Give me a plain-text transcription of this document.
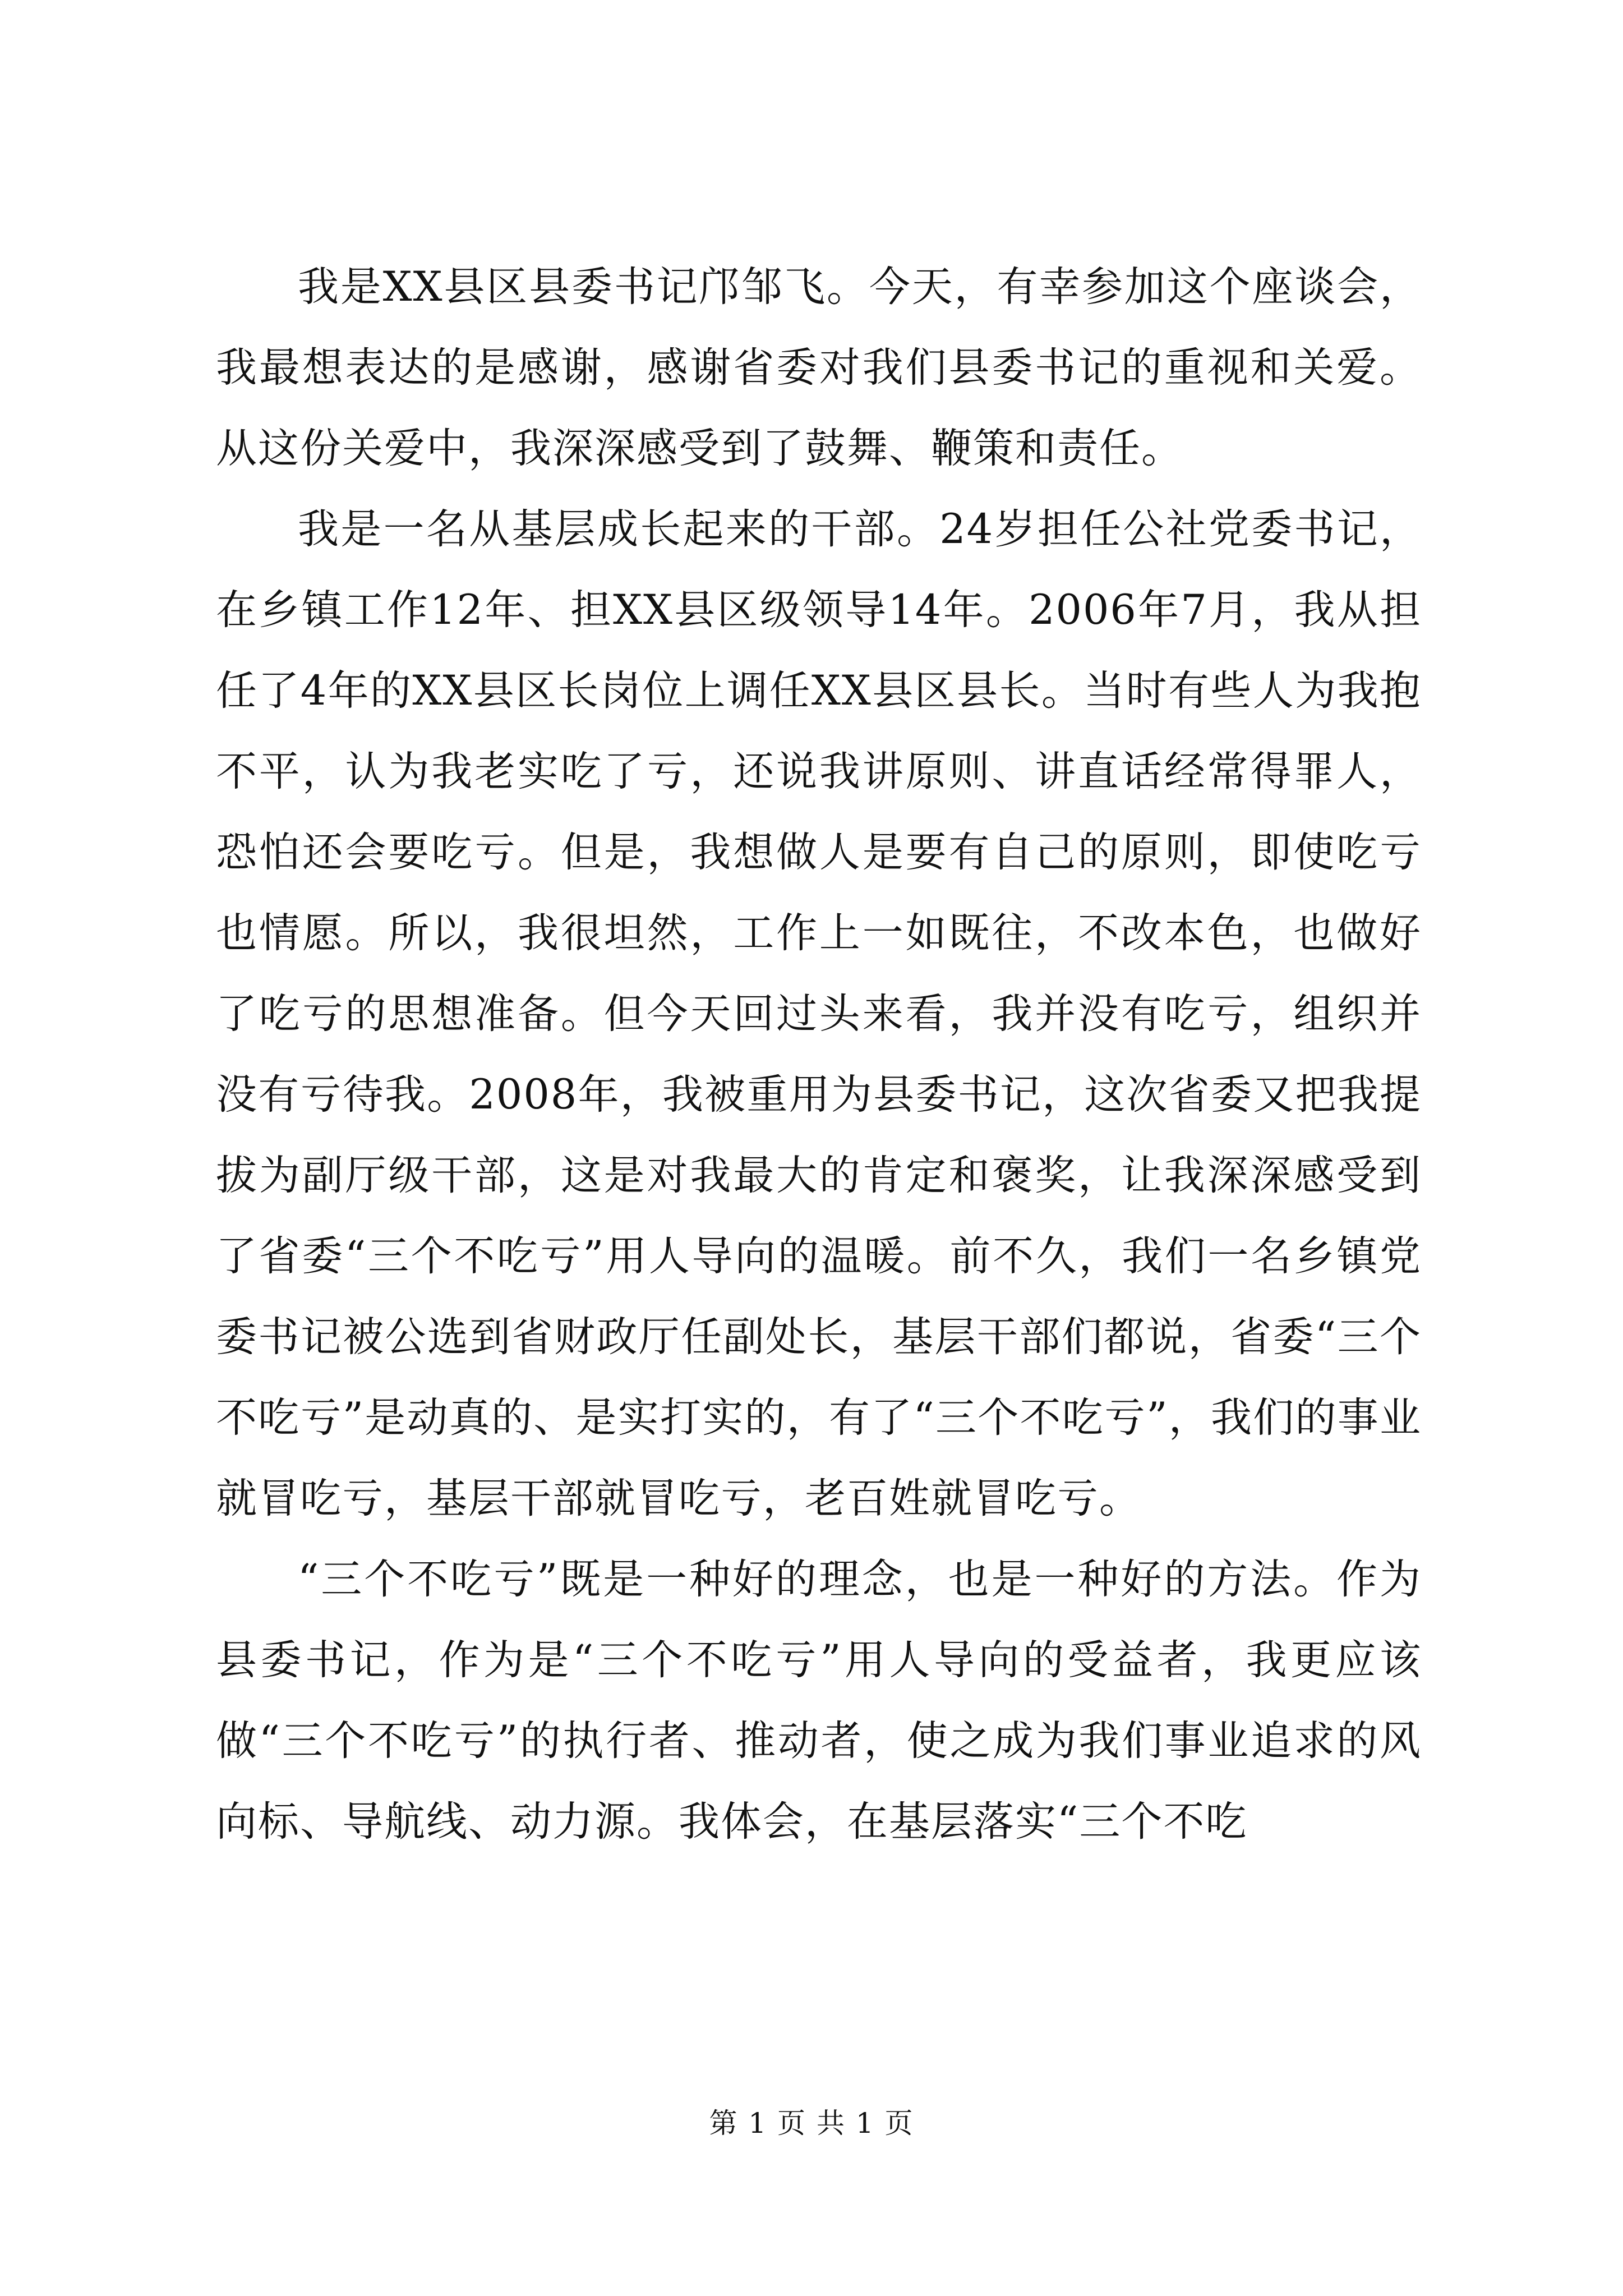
我是XX县区县委书记邝邹飞。今天，有幸参加这个座谈会，我最想表达的是感谢，感谢省委对我们县委书记的重视和关爱。从这份关爱中，我深深感受到了鼓舞、鞭策和责任。

我是一名从基层成长起来的干部。24岁担任公社党委书记，在乡镇工作12年、担XX县区级领导14年。2006年7月，我从担任了4年的XX县区长岗位上调任XX县区县长。当时有些人为我抱不平，认为我老实吃了亏，还说我讲原则、讲直话经常得罪人，恐怕还会要吃亏。但是，我想做人是要有自己的原则，即使吃亏也情愿。所以，我很坦然，工作上一如既往，不改本色，也做好了吃亏的思想准备。但今天回过头来看，我并没有吃亏，组织并没有亏待我。2008年，我被重用为县委书记，这次省委又把我提拔为副厅级干部，这是对我最大的肯定和褒奖，让我深深感受到了省委“三个不吃亏”用人导向的温暖。前不久，我们一名乡镇党委书记被公选到省财政厅任副处长，基层干部们都说，省委“三个不吃亏”是动真的、是实打实的，有了“三个不吃亏”，我们的事业就冒吃亏，基层干部就冒吃亏，老百姓就冒吃亏。

“三个不吃亏”既是一种好的理念，也是一种好的方法。作为县委书记，作为是“三个不吃亏”用人导向的受益者，我更应该做“三个不吃亏”的执行者、推动者，使之成为我们事业追求的风向标、导航线、动力源。我体会，在基层落实“三个不吃

第 1 页 共 1 页
